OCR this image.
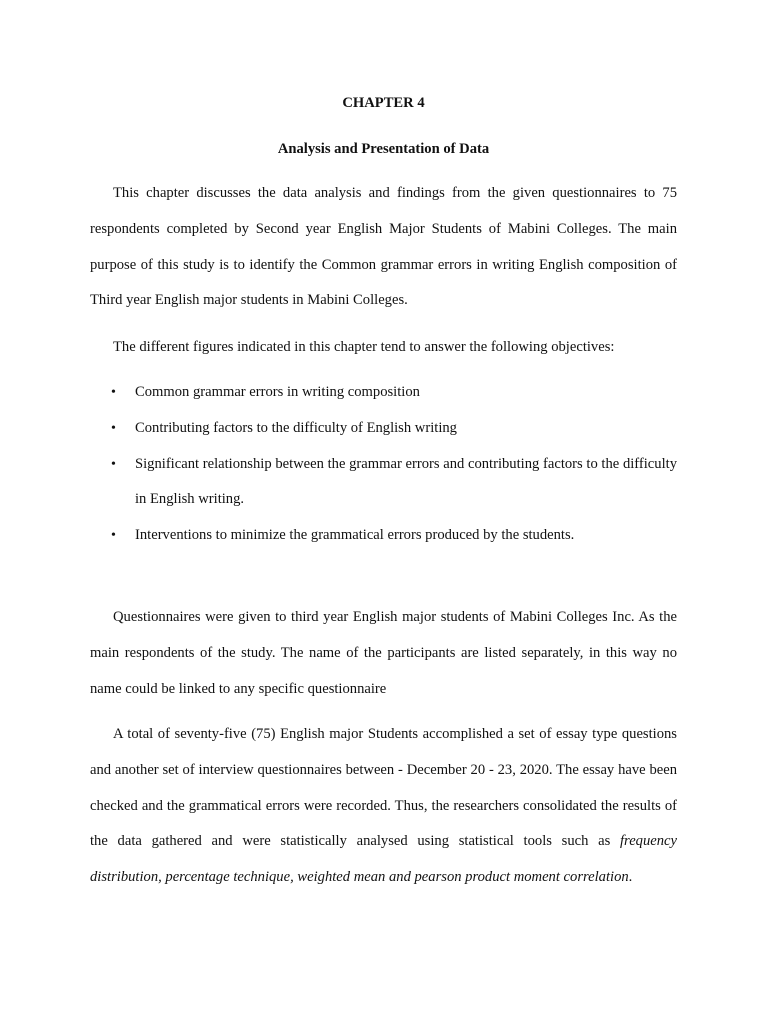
CHAPTER 4
Analysis and Presentation of Data

This chapter discusses the data analysis and findings from the given questionnaires to 75 respondents completed by Second year English Major Students of Mabini Colleges. The main purpose of this study is to identify the Common grammar errors in writing English composition of Third year English major students in Mabini Colleges.

The different figures indicated in this chapter tend to answer the following objectives:

• Common grammar errors in writing composition
• Contributing factors to the difficulty of English writing
• Significant relationship between the grammar errors and contributing factors to the difficulty in English writing.
• Interventions to minimize the grammatical errors produced by the students.

Questionnaires were given to third year English major students of Mabini Colleges Inc. As the main respondents of the study. The name of the participants are listed separately, in this way no name could be linked to any specific questionnaire

A total of seventy-five (75) English major Students accomplished a set of essay type questions and another set of interview questionnaires between - December 20 - 23, 2020. The essay have been checked and the grammatical errors were recorded. Thus, the researchers consolidated the results of the data gathered and were statistically analysed using statistical tools such as frequency distribution, percentage technique, weighted mean and pearson product moment correlation.
